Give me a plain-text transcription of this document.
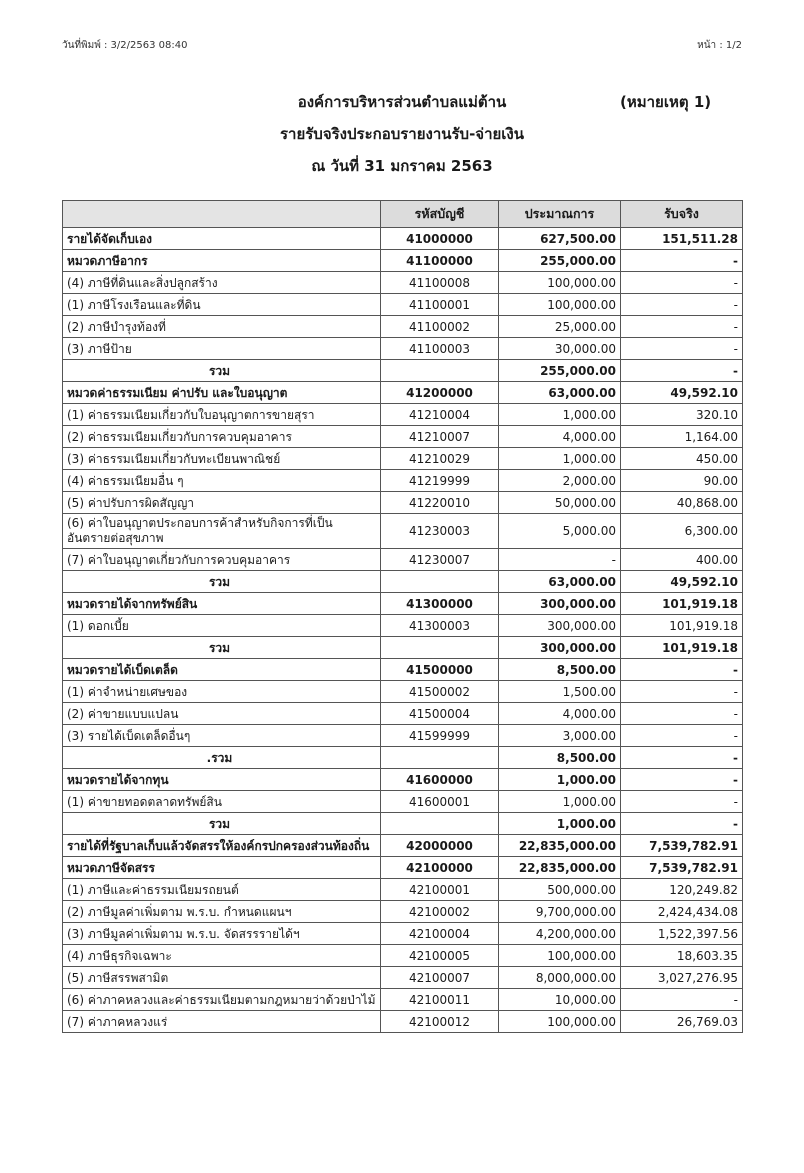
วันที่พิมพ์ : 3/2/2563 08:40	หน้า : 1/2
องค์การบริหารส่วนตำบลแม่ต้าน
รายรับจริงประกอบรายงานรับ-จ่ายเงิน
ณ วันที่ 31 มกราคม 2563
(หมายเหตุ 1)
	รหัสบัญชี	ประมาณการ	รับจริง
รายได้จัดเก็บเอง	41000000	627,500.00	151,511.28
หมวดภาษีอากร	41100000	255,000.00	-
(4) ภาษีที่ดินและสิ่งปลูกสร้าง	41100008	100,000.00	-
(1) ภาษีโรงเรือนและที่ดิน	41100001	100,000.00	-
(2) ภาษีบำรุงท้องที่	41100002	25,000.00	-
(3) ภาษีป้าย	41100003	30,000.00	-
รวม		255,000.00	-
หมวดค่าธรรมเนียม ค่าปรับ และใบอนุญาต	41200000	63,000.00	49,592.10
(1) ค่าธรรมเนียมเกี่ยวกับใบอนุญาตการขายสุรา	41210004	1,000.00	320.10
(2) ค่าธรรมเนียมเกี่ยวกับการควบคุมอาคาร	41210007	4,000.00	1,164.00
(3) ค่าธรรมเนียมเกี่ยวกับทะเบียนพาณิชย์	41210029	1,000.00	450.00
(4) ค่าธรรมเนียมอื่น ๆ	41219999	2,000.00	90.00
(5) ค่าปรับการผิดสัญญา	41220010	50,000.00	40,868.00
(6) ค่าใบอนุญาตประกอบการค้าสำหรับกิจการที่เป็นอันตรายต่อสุขภาพ	41230003	5,000.00	6,300.00
(7) ค่าใบอนุญาตเกี่ยวกับการควบคุมอาคาร	41230007	-	400.00
รวม		63,000.00	49,592.10
หมวดรายได้จากทรัพย์สิน	41300000	300,000.00	101,919.18
(1) ดอกเบี้ย	41300003	300,000.00	101,919.18
รวม		300,000.00	101,919.18
หมวดรายได้เบ็ดเตล็ด	41500000	8,500.00	-
(1) ค่าจำหน่ายเศษของ	41500002	1,500.00	-
(2) ค่าขายแบบแปลน	41500004	4,000.00	-
(3) รายได้เบ็ดเตล็ดอื่นๆ	41599999	3,000.00	-
.รวม		8,500.00	-
หมวดรายได้จากทุน	41600000	1,000.00	-
(1) ค่าขายทอดตลาดทรัพย์สิน	41600001	1,000.00	-
รวม		1,000.00	-
รายได้ที่รัฐบาลเก็บแล้วจัดสรรให้องค์กรปกครองส่วนท้องถิ่น	42000000	22,835,000.00	7,539,782.91
หมวดภาษีจัดสรร	42100000	22,835,000.00	7,539,782.91
(1) ภาษีและค่าธรรมเนียมรถยนต์	42100001	500,000.00	120,249.82
(2) ภาษีมูลค่าเพิ่มตาม พ.ร.บ. กำหนดแผนฯ	42100002	9,700,000.00	2,424,434.08
(3) ภาษีมูลค่าเพิ่มตาม พ.ร.บ. จัดสรรรายได้ฯ	42100004	4,200,000.00	1,522,397.56
(4) ภาษีธุรกิจเฉพาะ	42100005	100,000.00	18,603.35
(5) ภาษีสรรพสามิต	42100007	8,000,000.00	3,027,276.95
(6) ค่าภาคหลวงและค่าธรรมเนียมตามกฎหมายว่าด้วยป่าไม้	42100011	10,000.00	-
(7) ค่าภาคหลวงแร่	42100012	100,000.00	26,769.03
